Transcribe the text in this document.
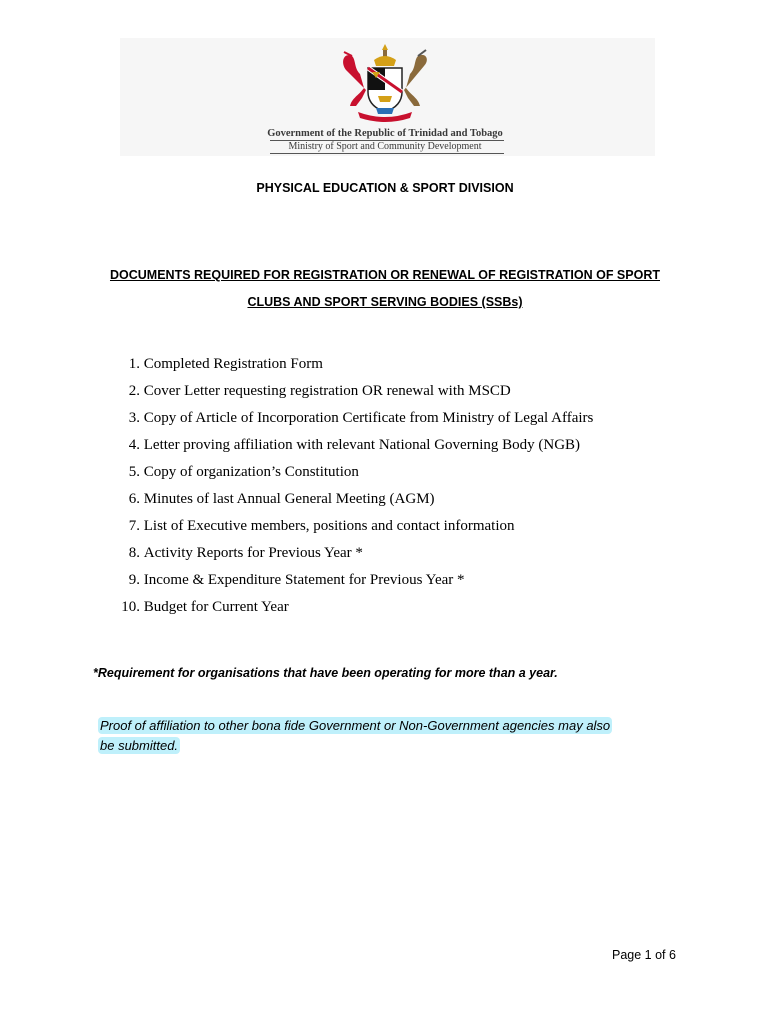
Government of the Republic of Trinidad and Tobago
Ministry of Sport and Community Development
PHYSICAL EDUCATION & SPORT DIVISION
DOCUMENTS REQUIRED FOR REGISTRATION OR RENEWAL OF REGISTRATION OF SPORT
CLUBS AND SPORT SERVING BODIES (SSBs)
1. Completed Registration Form
2. Cover Letter requesting registration OR renewal with MSCD
3. Copy of Article of Incorporation Certificate from Ministry of Legal Affairs
4. Letter proving affiliation with relevant National Governing Body (NGB)
5. Copy of organization’s Constitution
6. Minutes of last Annual General Meeting (AGM)
7. List of Executive members, positions and contact information
8. Activity Reports for Previous Year *
9. Income & Expenditure Statement for Previous Year *
10. Budget for Current Year
*Requirement for organisations that have been operating for more than a year.
Proof of affiliation to other bona fide Government or Non-Government agencies may also
be submitted.
Page 1 of 6
